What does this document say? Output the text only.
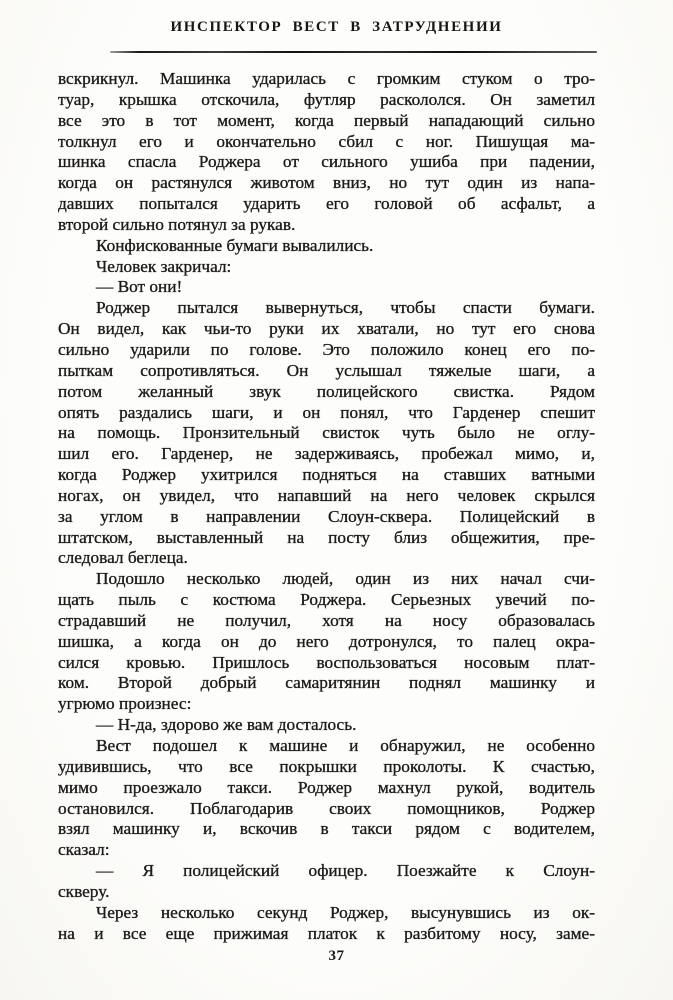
ИНСПЕКТОР ВЕСТ В ЗАТРУДНЕНИИ
вскрикнул. Машинка ударилась с громким стуком о тро-
туар, крышка отскочила, футляр раскололся. Он заметил
все это в тот момент, когда первый нападающий сильно
толкнул его и окончательно сбил с ног. Пишущая ма-
шинка спасла Роджера от сильного ушиба при падении,
когда он растянулся животом вниз, но тут один из напа-
давших попытался ударить его головой об асфальт, а
второй сильно потянул за рукав.
Конфискованные бумаги вывалились.
Человек закричал:
— Вот они!
Роджер пытался вывернуться, чтобы спасти бумаги.
Он видел, как чьи-то руки их хватали, но тут его снова
сильно ударили по голове. Это положило конец его по-
пыткам сопротивляться. Он услышал тяжелые шаги, а
потом желанный звук полицейского свистка. Рядом
опять раздались шаги, и он понял, что Гарденер спешит
на помощь. Пронзительный свисток чуть было не оглу-
шил его. Гарденер, не задерживаясь, пробежал мимо, и,
когда Роджер ухитрился подняться на ставших ватными
ногах, он увидел, что напавший на него человек скрылся
за углом в направлении Слоун-сквера. Полицейский в
штатском, выставленный на посту близ общежития, пре-
следовал беглеца.
Подошло несколько людей, один из них начал счи-
щать пыль с костюма Роджера. Серьезных увечий по-
страдавший не получил, хотя на носу образовалась
шишка, а когда он до него дотронулся, то палец окра-
сился кровью. Пришлось воспользоваться носовым плат-
ком. Второй добрый самаритянин поднял машинку и
угрюмо произнес:
— Н-да, здорово же вам досталось.
Вест подошел к машине и обнаружил, не особенно
удивившись, что все покрышки проколоты. К счастью,
мимо проезжало такси. Роджер махнул рукой, водитель
остановился. Поблагодарив своих помощников, Роджер
взял машинку и, вскочив в такси рядом с водителем,
сказал:
— Я полицейский офицер. Поезжайте к Слоун-
скверу.
Через несколько секунд Роджер, высунувшись из ок-
на и все еще прижимая платок к разбитому носу, заме-
37
